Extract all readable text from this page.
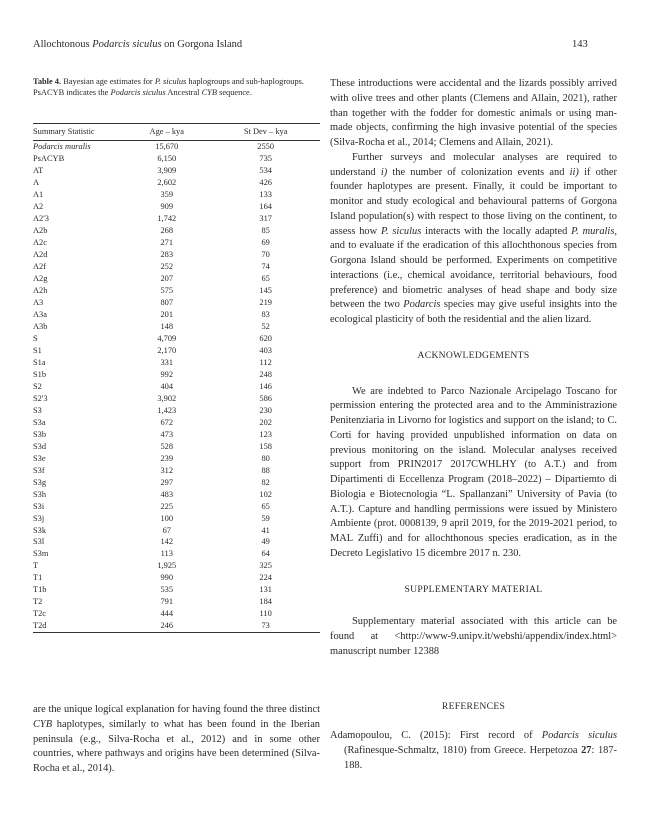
Allochtonous Podarcis siculus on Gorgona Island	143

Table 4. Bayesian age estimates for P. siculus haplogroups and sub-haplogroups. PsACYB indicates the Podarcis siculus Ancestral CYB sequence.

Summary Statistic	Age – kya	St Dev – kya
Podarcis muralis	15,670	2550
PsACYB	6,150	735
AT	3,909	534
A	2,602	426
A1	359	133
A2	909	164
A2'3	1,742	317
A2b	268	85
A2c	271	69
A2d	283	70
A2f	252	74
A2g	207	65
A2h	575	145
A3	807	219
A3a	201	83
A3b	148	52
S	4,709	620
S1	2,170	403
S1a	331	112
S1b	992	248
S2	404	146
S2'3	3,902	586
S3	1,423	230
S3a	672	202
S3b	473	123
S3d	528	158
S3e	239	80
S3f	312	88
S3g	297	82
S3h	483	102
S3i	225	65
S3j	100	59
S3k	67	41
S3l	142	49
S3m	113	64
T	1,925	325
T1	990	224
T1b	535	131
T2	791	184
T2c	444	110
T2d	246	73

are the unique logical explanation for having found the three distinct CYB haplotypes, similarly to what has been found in the Iberian peninsula (e.g., Silva-Rocha et al., 2012) and in some other countries, where pathways and origins have been determined (Silva-Rocha et al., 2014).

These introductions were accidental and the lizards possibly arrived with olive trees and other plants (Clemens and Allain, 2021), rather than together with the fodder for domestic animals or using man-made objects, confirming the high invasive potential of the species (Silva-Rocha et al., 2014; Clemens and Allain, 2021).

Further surveys and molecular analyses are required to understand i) the number of colonization events and ii) if other founder haplotypes are present. Finally, it could be important to monitor and study ecological and behavioural patterns of Gorgona Island population(s) with respect to those living on the continent, to assess how P. siculus interacts with the locally adapted P. muralis, and to evaluate if the eradication of this allochthonous species from Gorgona Island should be performed. Experiments on competitive interactions (i.e., chemical avoidance, territorial behaviours, food preference) and biometric analyses of head shape and body size between the two Podarcis species may give useful insights into the ecological plasticity of both the residential and the alien lizard.

ACKNOWLEDGEMENTS

We are indebted to Parco Nazionale Arcipelago Toscano for permission entering the protected area and to the Amministrazione Penitenziaria in Livorno for logistics and support on the island; to C. Corti for having provided unpublished information on data on previous monitoring on the island. Molecular analyses received support from PRIN2017 2017CWHLHY (to A.T.) and from Dipartimenti di Eccellenza Program (2018–2022) – Dipartiemto di Biologia e Biotecnologia “L. Spallanzani” University of Pavia (to A.T.). Capture and handling permissions were issued by Ministero Ambiente (prot. 0008139, 9 april 2019, for the 2019-2021 period, to MAL Zuffi) and for allochthonous species eradication, as in the Decreto Legislativo 15 dicembre 2017 n. 230.

SUPPLEMENTARY MATERIAL

Supplementary material associated with this article can be found at <http://www-9.unipv.it/webshi/appendix/index.html> manuscript number 12388

REFERENCES

Adamopoulou, C. (2015): First record of Podarcis siculus (Rafinesque-Schmaltz, 1810) from Greece. Herpetozoa 27: 187-188.
